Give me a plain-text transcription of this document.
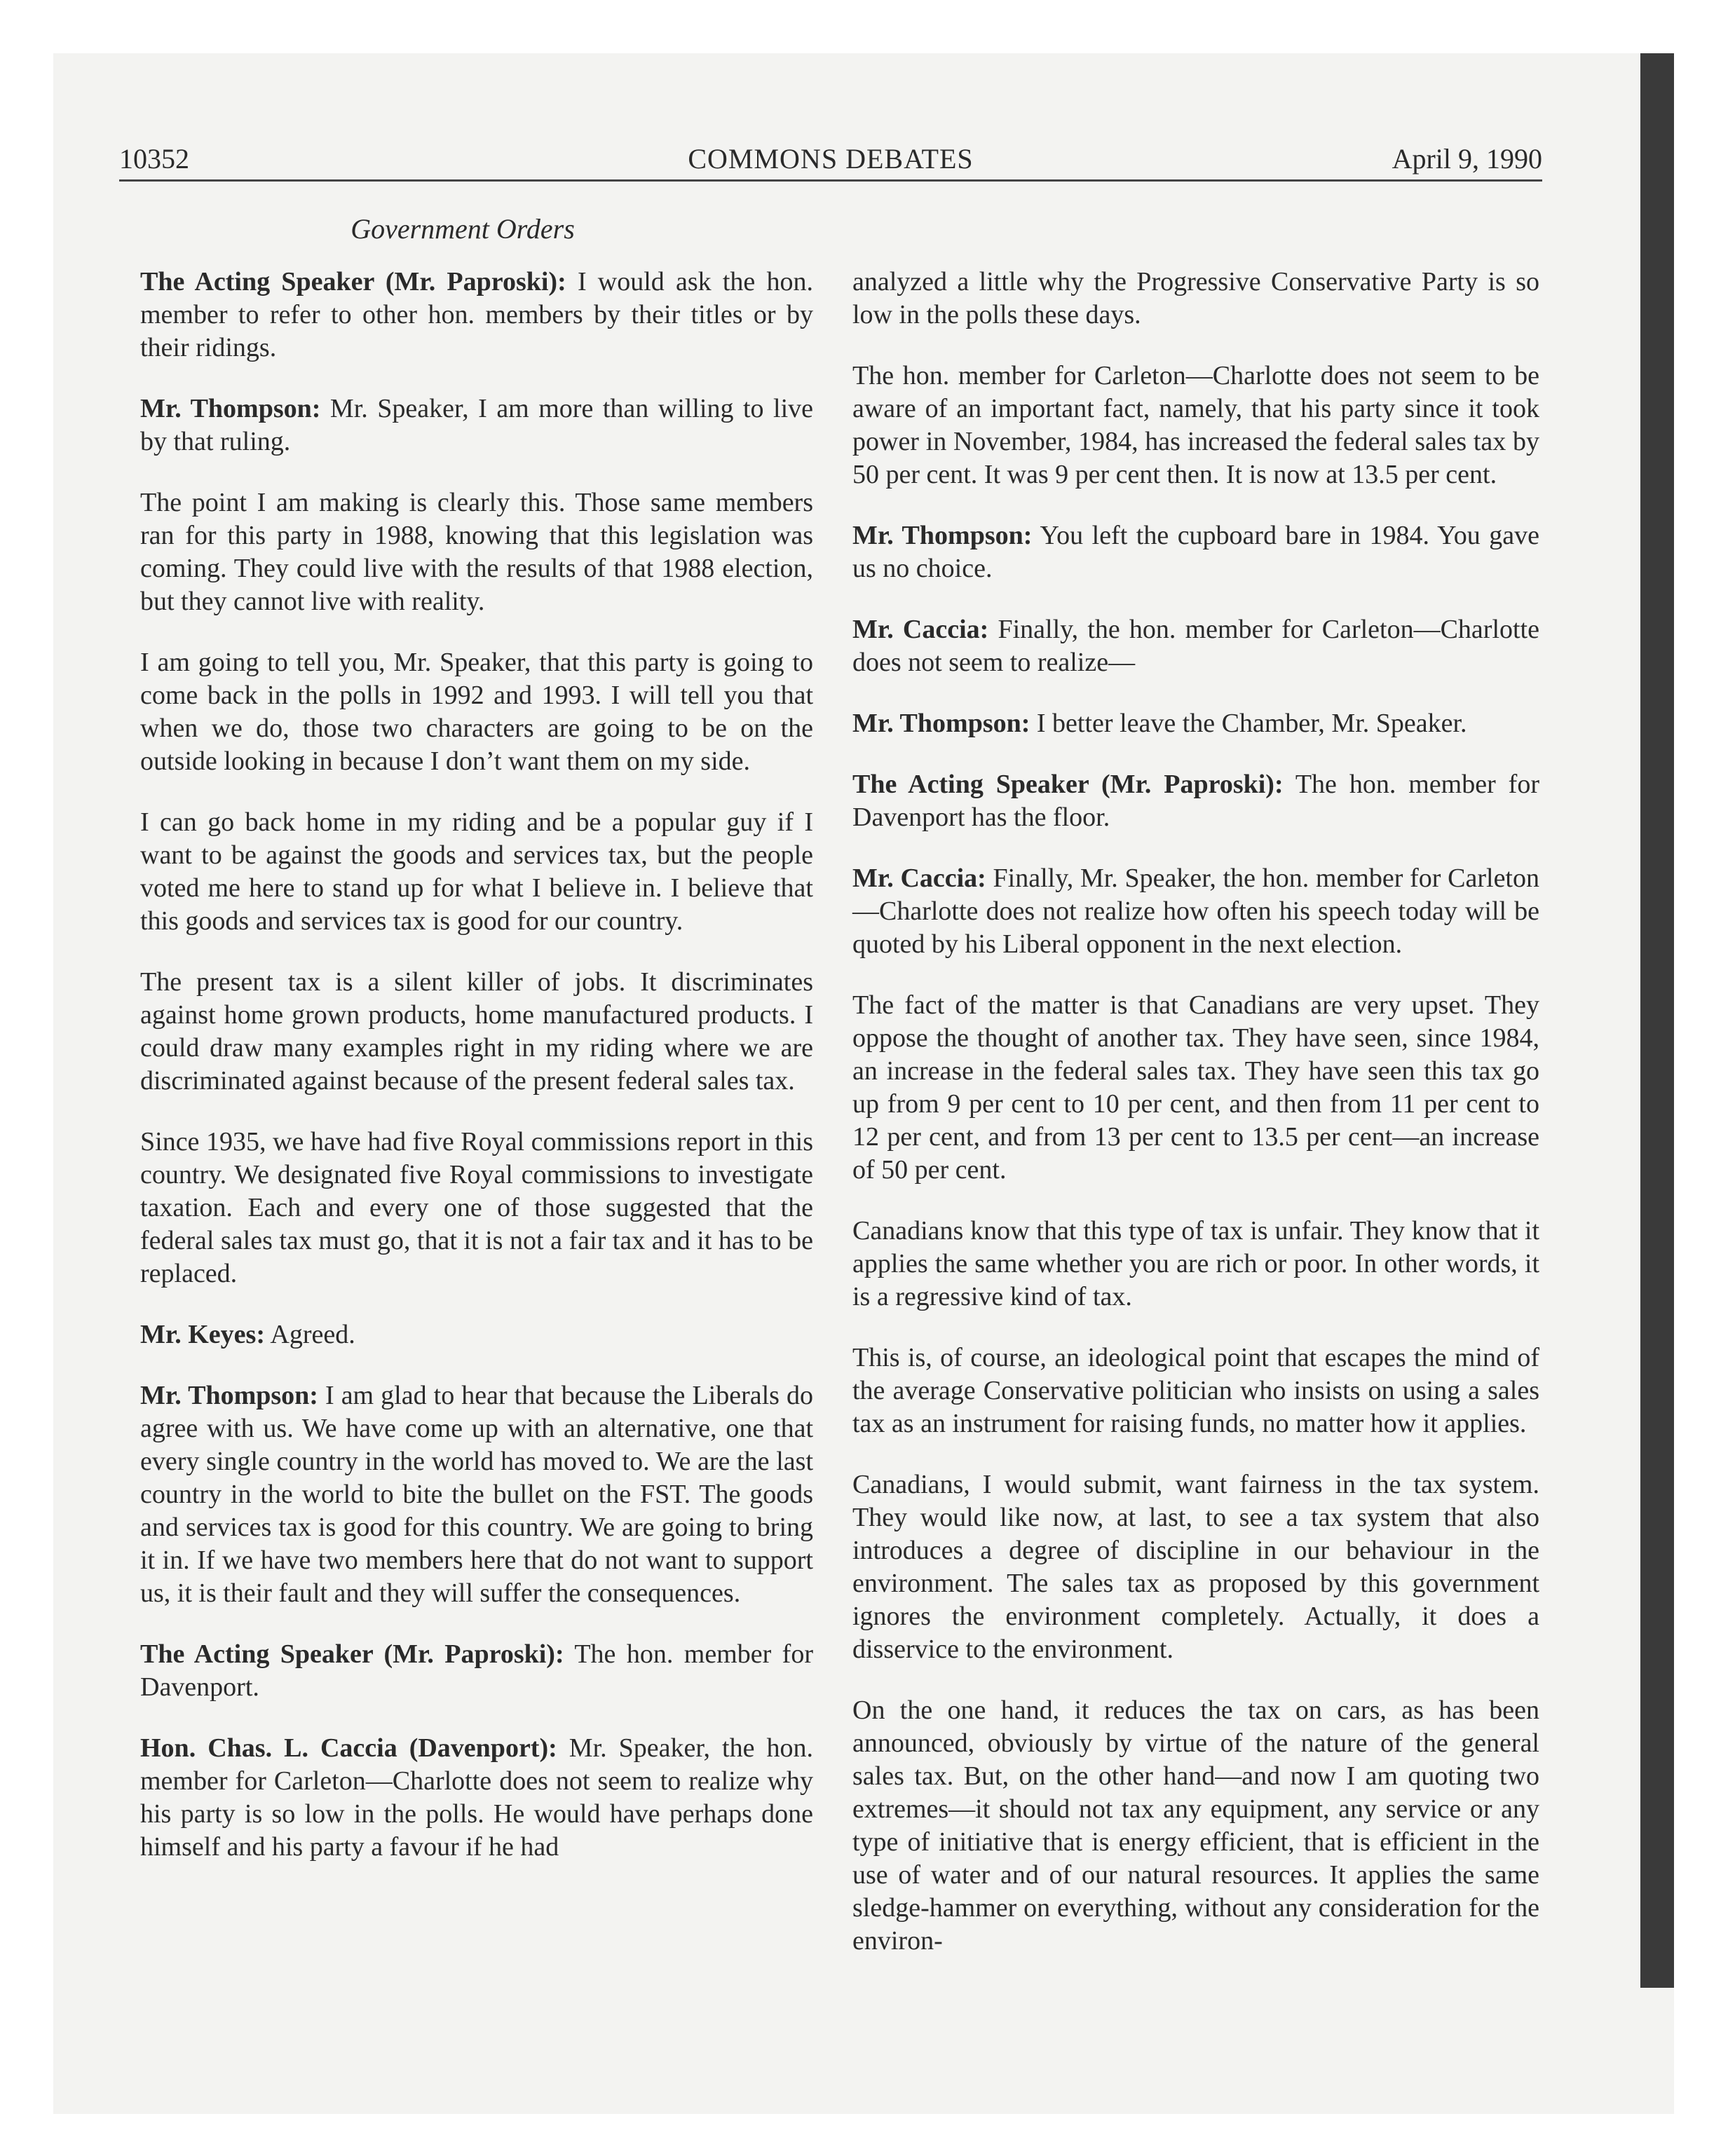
10352	COMMONS DEBATES	April 9, 1990
Government Orders

The Acting Speaker (Mr. Paproski): I would ask the hon. member to refer to other hon. members by their titles or by their ridings.

Mr. Thompson: Mr. Speaker, I am more than willing to live by that ruling.

The point I am making is clearly this. Those same members ran for this party in 1988, knowing that this legislation was coming. They could live with the results of that 1988 election, but they cannot live with reality.

I am going to tell you, Mr. Speaker, that this party is going to come back in the polls in 1992 and 1993. I will tell you that when we do, those two characters are going to be on the outside looking in because I don’t want them on my side.

I can go back home in my riding and be a popular guy if I want to be against the goods and services tax, but the people voted me here to stand up for what I believe in. I believe that this goods and services tax is good for our country.

The present tax is a silent killer of jobs. It discriminates against home grown products, home manufactured products. I could draw many examples right in my riding where we are discriminated against because of the present federal sales tax.

Since 1935, we have had five Royal commissions report in this country. We designated five Royal commissions to investigate taxation. Each and every one of those suggested that the federal sales tax must go, that it is not a fair tax and it has to be replaced.

Mr. Keyes: Agreed.

Mr. Thompson: I am glad to hear that because the Liberals do agree with us. We have come up with an alternative, one that every single country in the world has moved to. We are the last country in the world to bite the bullet on the FST. The goods and services tax is good for this country. We are going to bring it in. If we have two members here that do not want to support us, it is their fault and they will suffer the consequences.

The Acting Speaker (Mr. Paproski): The hon. member for Davenport.

Hon. Chas. L. Caccia (Davenport): Mr. Speaker, the hon. member for Carleton—Charlotte does not seem to realize why his party is so low in the polls. He would have perhaps done himself and his party a favour if he had

analyzed a little why the Progressive Conservative Party is so low in the polls these days.

The hon. member for Carleton—Charlotte does not seem to be aware of an important fact, namely, that his party since it took power in November, 1984, has increased the federal sales tax by 50 per cent. It was 9 per cent then. It is now at 13.5 per cent.

Mr. Thompson: You left the cupboard bare in 1984. You gave us no choice.

Mr. Caccia: Finally, the hon. member for Carleton—Charlotte does not seem to realize—

Mr. Thompson: I better leave the Chamber, Mr. Speaker.

The Acting Speaker (Mr. Paproski): The hon. member for Davenport has the floor.

Mr. Caccia: Finally, Mr. Speaker, the hon. member for Carleton—Charlotte does not realize how often his speech today will be quoted by his Liberal opponent in the next election.

The fact of the matter is that Canadians are very upset. They oppose the thought of another tax. They have seen, since 1984, an increase in the federal sales tax. They have seen this tax go up from 9 per cent to 10 per cent, and then from 11 per cent to 12 per cent, and from 13 per cent to 13.5 per cent—an increase of 50 per cent.

Canadians know that this type of tax is unfair. They know that it applies the same whether you are rich or poor. In other words, it is a regressive kind of tax.

This is, of course, an ideological point that escapes the mind of the average Conservative politician who insists on using a sales tax as an instrument for raising funds, no matter how it applies.

Canadians, I would submit, want fairness in the tax system. They would like now, at last, to see a tax system that also introduces a degree of discipline in our behaviour in the environment. The sales tax as proposed by this government ignores the environment completely. Actually, it does a disservice to the environment.

On the one hand, it reduces the tax on cars, as has been announced, obviously by virtue of the nature of the general sales tax. But, on the other hand—and now I am quoting two extremes—it should not tax any equipment, any service or any type of initiative that is energy efficient, that is efficient in the use of water and of our natural resources. It applies the same sledge-hammer on everything, without any consideration for the environ-
